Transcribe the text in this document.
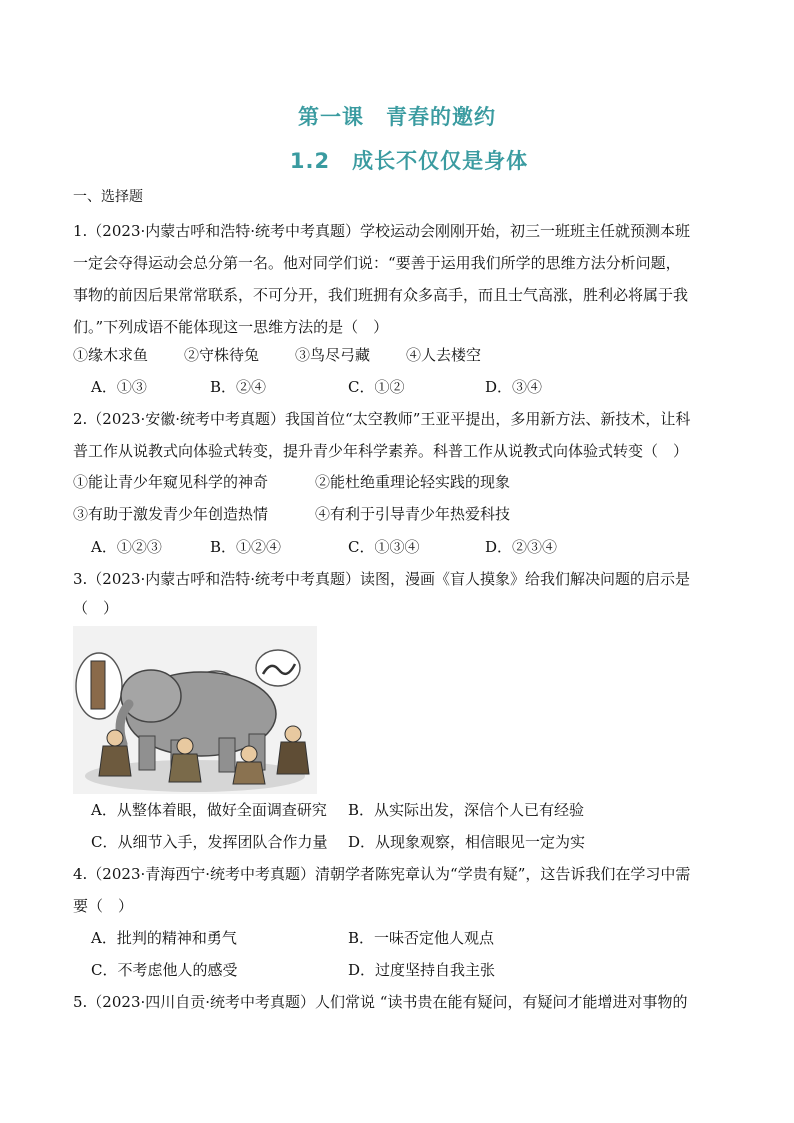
第一课　青春的邀约
1.2　成长不仅仅是身体
一、选择题
1.（2023·内蒙古呼和浩特·统考中考真题）学校运动会刚刚开始，初三一班班主任就预测本班
一定会夺得运动会总分第一名。他对同学们说：“要善于运用我们所学的思维方法分析问题，
事物的前因后果常常联系，不可分开，我们班拥有众多高手，而且士气高涨，胜利必将属于我
们。”下列成语不能体现这一思维方法的是（　）
①缘木求鱼 ②守株待兔 ③鸟尽弓藏 ④人去楼空
A．①③	B．②④	C．①②	D．③④
2.（2023·安徽·统考中考真题）我国首位“太空教师”王亚平提出，多用新方法、新技术，让科
普工作从说教式向体验式转变，提升青少年科学素养。科普工作从说教式向体验式转变（　）
①能让青少年窥见科学的神奇	②能杜绝重理论轻实践的现象
③有助于激发青少年创造热情	④有利于引导青少年热爱科技
A．①②③	B．①②④	C．①③④	D．②③④
3.（2023·内蒙古呼和浩特·统考中考真题）读图，漫画《盲人摸象》给我们解决问题的启示是
（　）
A．从整体着眼，做好全面调查研究 B．从实际出发，深信个人已有经验
C．从细节入手，发挥团队合作力量 D．从现象观察，相信眼见一定为实
4.（2023·青海西宁·统考中考真题）清朝学者陈宪章认为“学贵有疑”，这告诉我们在学习中需
要（　）
A．批判的精神和勇气	B．一味否定他人观点
C．不考虑他人的感受	D．过度坚持自我主张
5.（2023·四川自贡·统考中考真题）人们常说 “读书贵在能有疑问，有疑问才能增进对事物的
